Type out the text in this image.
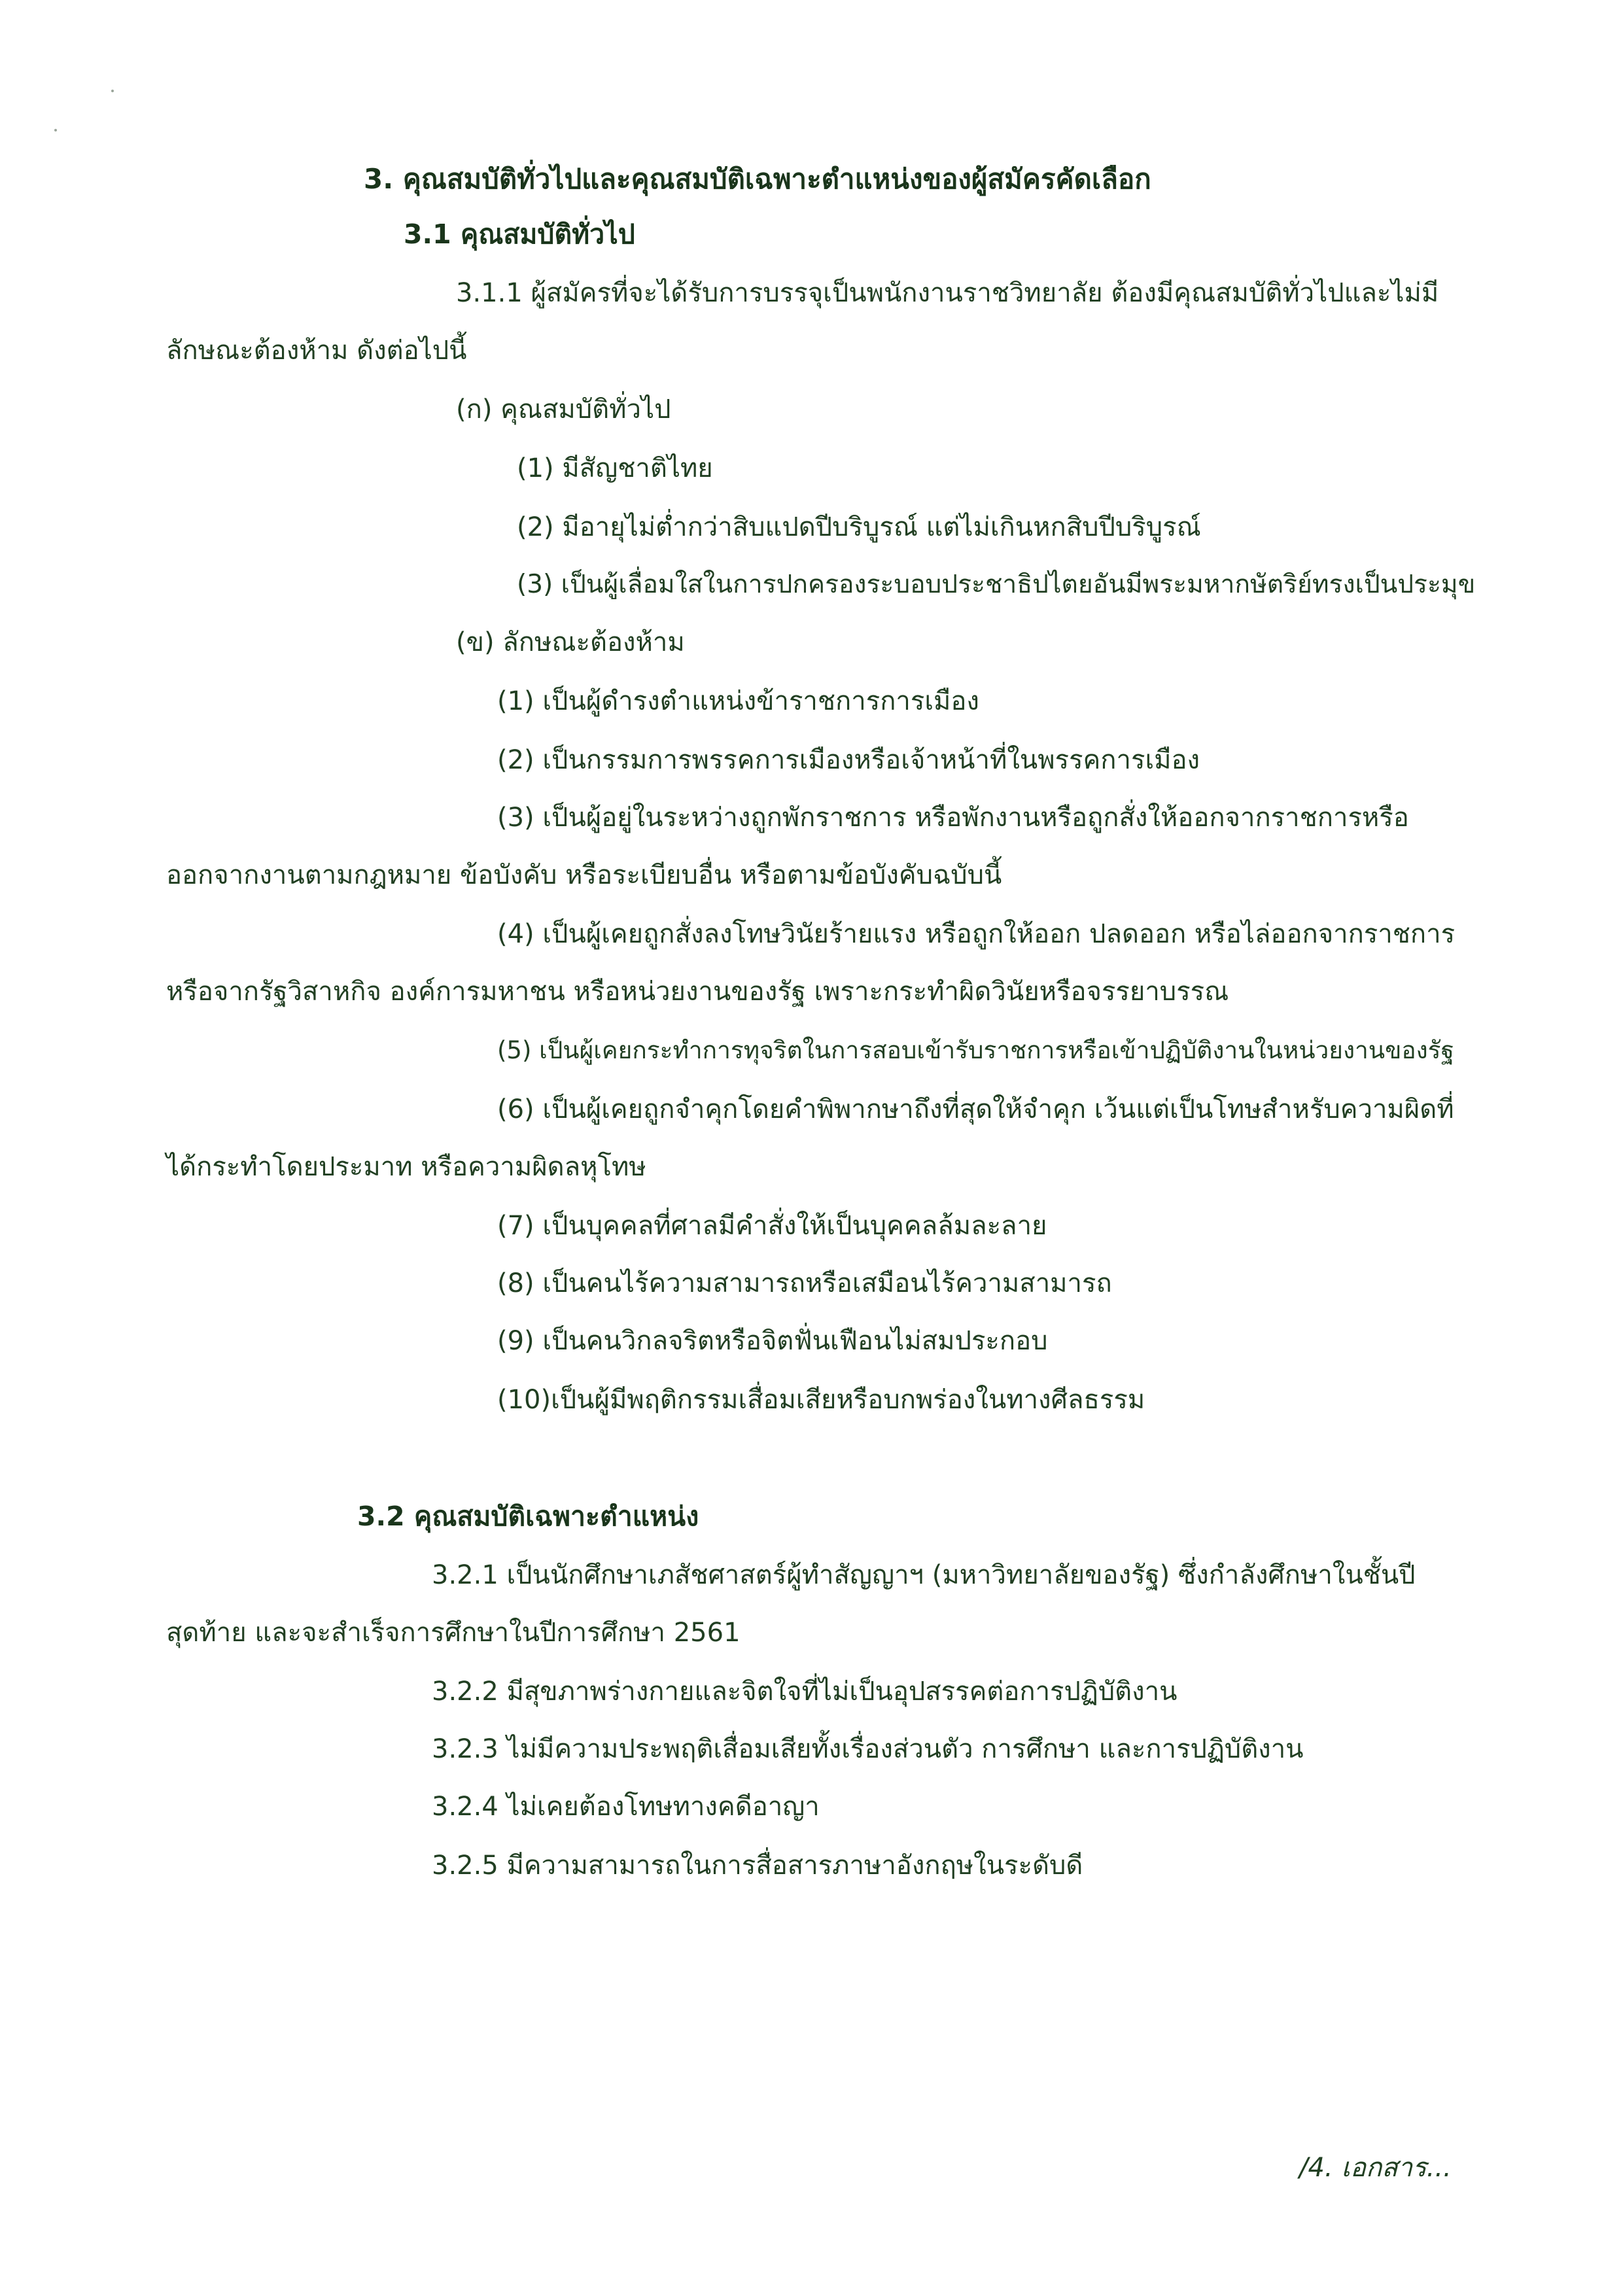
3. คุณสมบัติทั่วไปและคุณสมบัติเฉพาะตำแหน่งของผู้สมัครคัดเลือก
3.1 คุณสมบัติทั่วไป
3.1.1 ผู้สมัครที่จะได้รับการบรรจุเป็นพนักงานราชวิทยาลัย ต้องมีคุณสมบัติทั่วไปและไม่มี
ลักษณะต้องห้าม ดังต่อไปนี้
(ก) คุณสมบัติทั่วไป
(1) มีสัญชาติไทย
(2) มีอายุไม่ต่ำกว่าสิบแปดปีบริบูรณ์ แต่ไม่เกินหกสิบปีบริบูรณ์
(3) เป็นผู้เลื่อมใสในการปกครองระบอบประชาธิปไตยอันมีพระมหากษัตริย์ทรงเป็นประมุข
(ข) ลักษณะต้องห้าม
(1) เป็นผู้ดำรงตำแหน่งข้าราชการการเมือง
(2) เป็นกรรมการพรรคการเมืองหรือเจ้าหน้าที่ในพรรคการเมือง
(3) เป็นผู้อยู่ในระหว่างถูกพักราชการ หรือพักงานหรือถูกสั่งให้ออกจากราชการหรือ
ออกจากงานตามกฎหมาย ข้อบังคับ หรือระเบียบอื่น หรือตามข้อบังคับฉบับนี้
(4) เป็นผู้เคยถูกสั่งลงโทษวินัยร้ายแรง หรือถูกให้ออก ปลดออก หรือไล่ออกจากราชการ
หรือจากรัฐวิสาหกิจ องค์การมหาชน หรือหน่วยงานของรัฐ เพราะกระทำผิดวินัยหรือจรรยาบรรณ
(5) เป็นผู้เคยกระทำการทุจริตในการสอบเข้ารับราชการหรือเข้าปฏิบัติงานในหน่วยงานของรัฐ
(6) เป็นผู้เคยถูกจำคุกโดยคำพิพากษาถึงที่สุดให้จำคุก เว้นแต่เป็นโทษสำหรับความผิดที่
ได้กระทำโดยประมาท หรือความผิดลหุโทษ
(7) เป็นบุคคลที่ศาลมีคำสั่งให้เป็นบุคคลล้มละลาย
(8) เป็นคนไร้ความสามารถหรือเสมือนไร้ความสามารถ
(9) เป็นคนวิกลจริตหรือจิตฟั่นเฟือนไม่สมประกอบ
(10)เป็นผู้มีพฤติกรรมเสื่อมเสียหรือบกพร่องในทางศีลธรรม
3.2 คุณสมบัติเฉพาะตำแหน่ง
3.2.1 เป็นนักศึกษาเภสัชศาสตร์ผู้ทำสัญญาฯ (มหาวิทยาลัยของรัฐ) ซึ่งกำลังศึกษาในชั้นปี
สุดท้าย และจะสำเร็จการศึกษาในปีการศึกษา 2561
3.2.2 มีสุขภาพร่างกายและจิตใจที่ไม่เป็นอุปสรรคต่อการปฏิบัติงาน
3.2.3 ไม่มีความประพฤติเสื่อมเสียทั้งเรื่องส่วนตัว การศึกษา และการปฏิบัติงาน
3.2.4 ไม่เคยต้องโทษทางคดีอาญา
3.2.5 มีความสามารถในการสื่อสารภาษาอังกฤษในระดับดี
/4. เอกสาร...
